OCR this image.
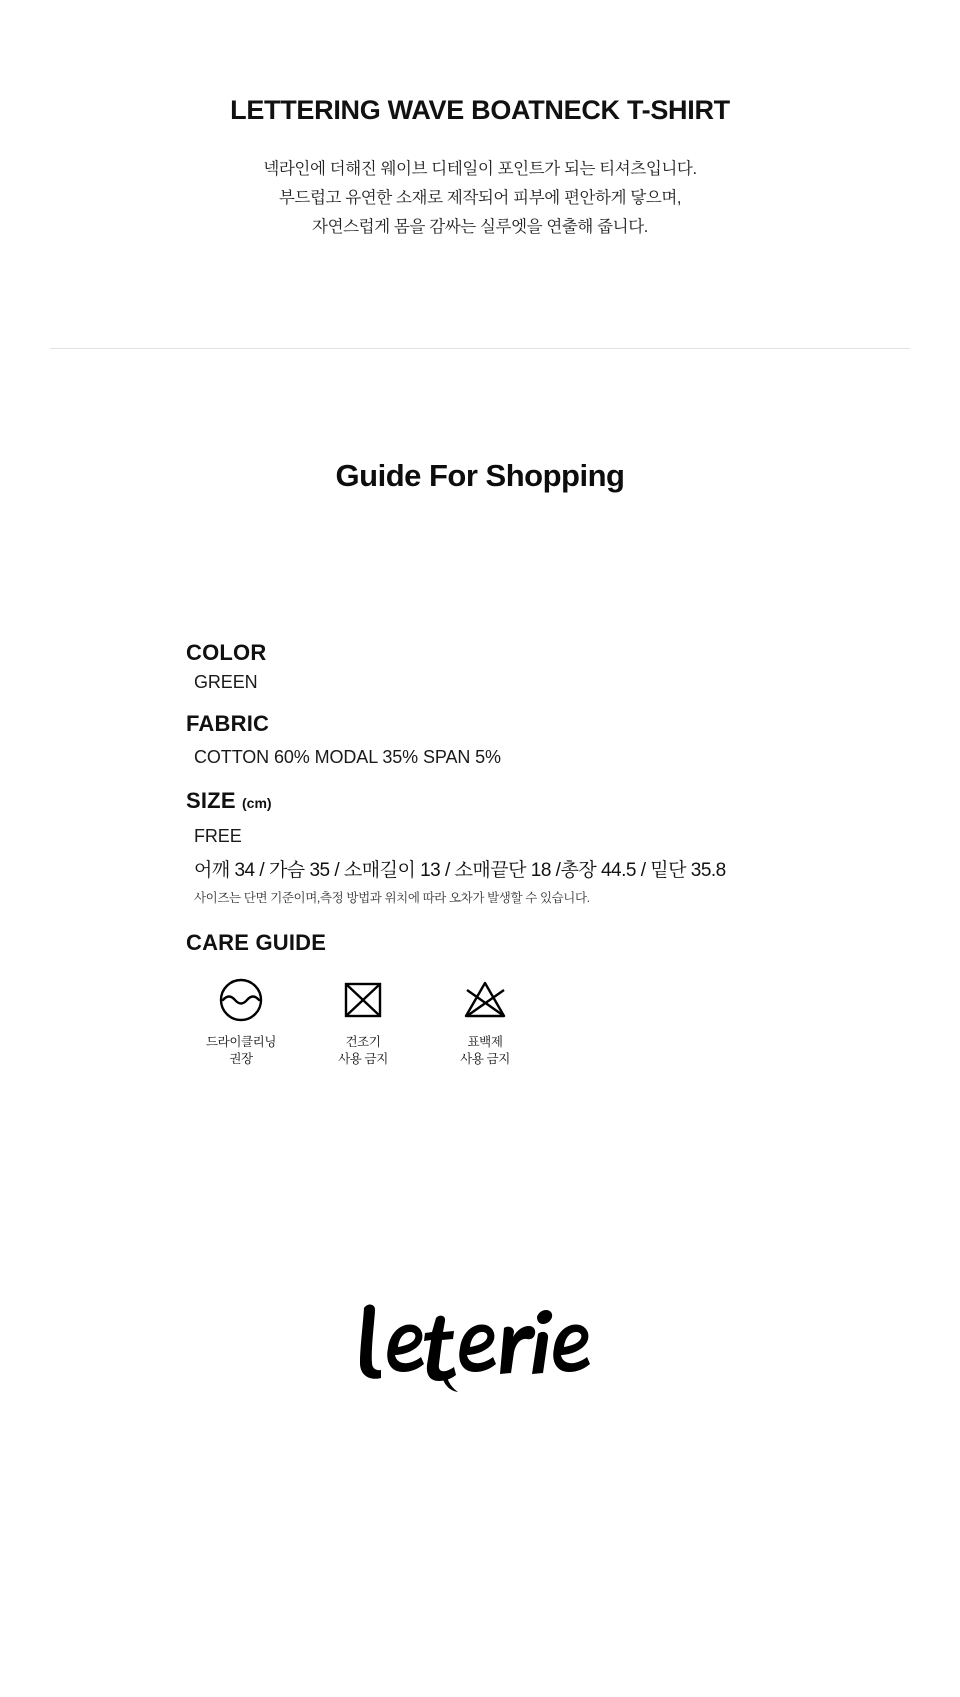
LETTERING WAVE BOATNECK T-SHIRT
넥라인에 더해진 웨이브 디테일이 포인트가 되는 티셔츠입니다.
부드럽고 유연한 소재로 제작되어 피부에 편안하게 닿으며,
자연스럽게 몸을 감싸는 실루엣을 연출해 줍니다.
Guide For Shopping
COLOR
GREEN
FABRIC
COTTON 60% MODAL 35% SPAN 5%
SIZE (cm)
FREE
어깨 34 / 가슴 35 / 소매길이 13 / 소매끝단 18 /총장 44.5 / 밑단 35.8
사이즈는 단면 기준이며,측정 방법과 위치에 따라 오차가 발생할 수 있습니다.
CARE GUIDE
드라이클리닝
권장
건조기
사용 금지
표백제
사용 금지
